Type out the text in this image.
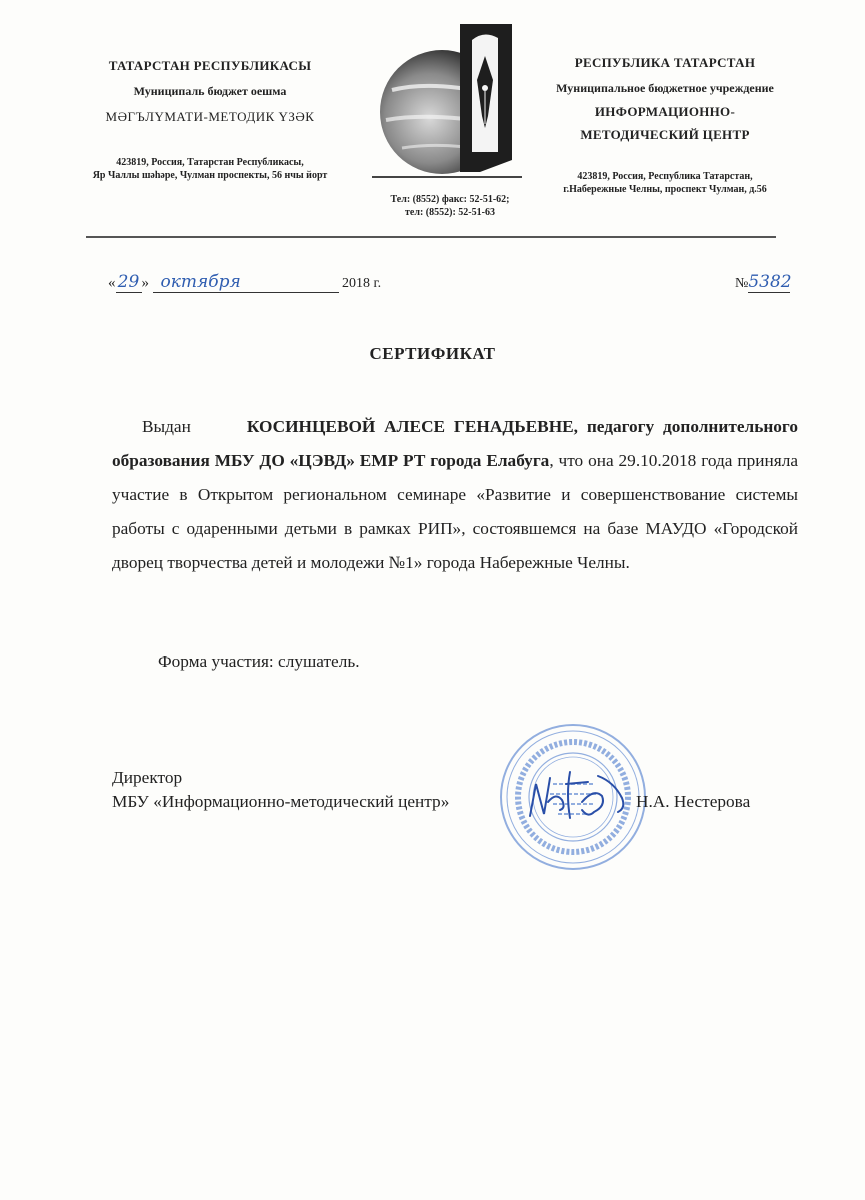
ТАТАРСТАН РЕСПУБЛИКАСЫ
Муниципаль бюджет оешма
МӘГЪЛҮМАТИ-МЕТОДИК ҮЗӘК
423819, Россия, Татарстан Республикасы,
Яр Чаллы шәһәре, Чулман проспекты, 56 нчы йорт
Тел: (8552) факс: 52-51-62;
тел: (8552): 52-51-63
РЕСПУБЛИКА ТАТАРСТАН
Муниципальное бюджетное учреждение
ИНФОРМАЦИОННО-
МЕТОДИЧЕСКИЙ ЦЕНТР
423819, Россия, Республика Татарстан,
г.Набережные Челны, проспект Чулман, д.56
« 29 » октября	2018 г.	№5382
СЕРТИФИКАТ

Выдан	КОСИНЦЕВОЙ АЛЕСЕ ГЕНАДЬЕВНЕ, педагогу дополнительного образования МБУ ДО «ЦЭВД» ЕМР РТ города Елабуга, что она 29.10.2018 года приняла участие в Открытом региональном семинаре «Развитие и совершенствование системы работы с одаренными детьми в рамках РИП», состоявшемся на базе МАУДО «Городской дворец творчества детей и молодежи №1» города Набережные Челны.

Форма участия: слушатель.
Директор
МБУ «Информационно-методический центр»	Н.А. Нестерова
